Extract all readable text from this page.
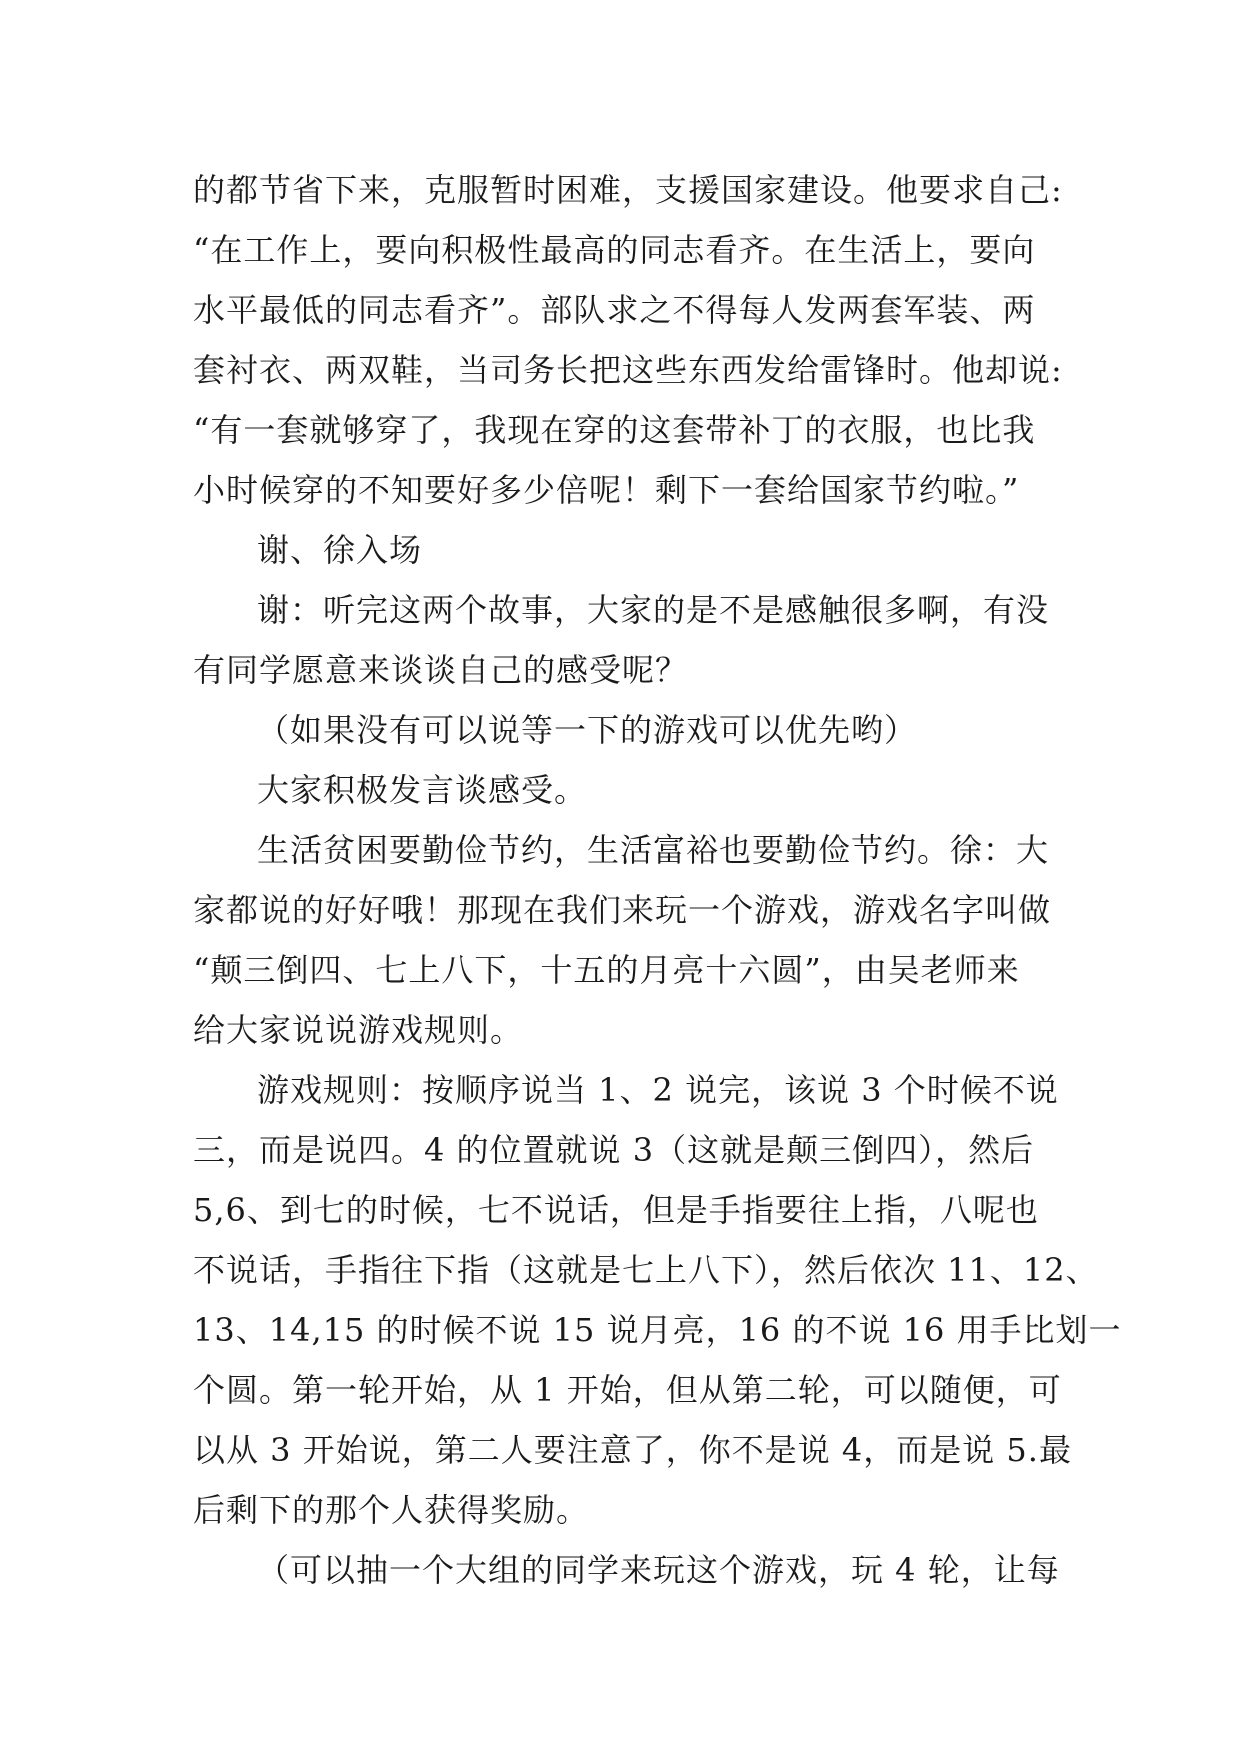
的都节省下来，克服暂时困难，支援国家建设。他要求自己:
“在工作上，要向积极性最高的同志看齐。在生活上，要向
水平最低的同志看齐”。部队求之不得每人发两套军装、两
套衬衣、两双鞋，当司务长把这些东西发给雷锋时。他却说:
“有一套就够穿了，我现在穿的这套带补丁的衣服，也比我
小时候穿的不知要好多少倍呢！剩下一套给国家节约啦。”
谢、徐入场
谢：听完这两个故事，大家的是不是感触很多啊，有没
有同学愿意来谈谈自己的感受呢？
（如果没有可以说等一下的游戏可以优先哟）
大家积极发言谈感受。
生活贫困要勤俭节约，生活富裕也要勤俭节约。徐：大
家都说的好好哦！那现在我们来玩一个游戏，游戏名字叫做
“颠三倒四、七上八下，十五的月亮十六圆”，由吴老师来
给大家说说游戏规则。
游戏规则：按顺序说当 1、2 说完，该说 3 个时候不说
三，而是说四。4 的位置就说 3（这就是颠三倒四），然后
5,6、到七的时候，七不说话，但是手指要往上指，八呢也
不说话，手指往下指（这就是七上八下），然后依次 11、12、
13、14,15 的时候不说 15 说月亮，16 的不说 16 用手比划一
个圆。第一轮开始，从 1 开始，但从第二轮，可以随便，可
以从 3 开始说，第二人要注意了，你不是说 4，而是说 5.最
后剩下的那个人获得奖励。
（可以抽一个大组的同学来玩这个游戏，玩 4 轮，让每
